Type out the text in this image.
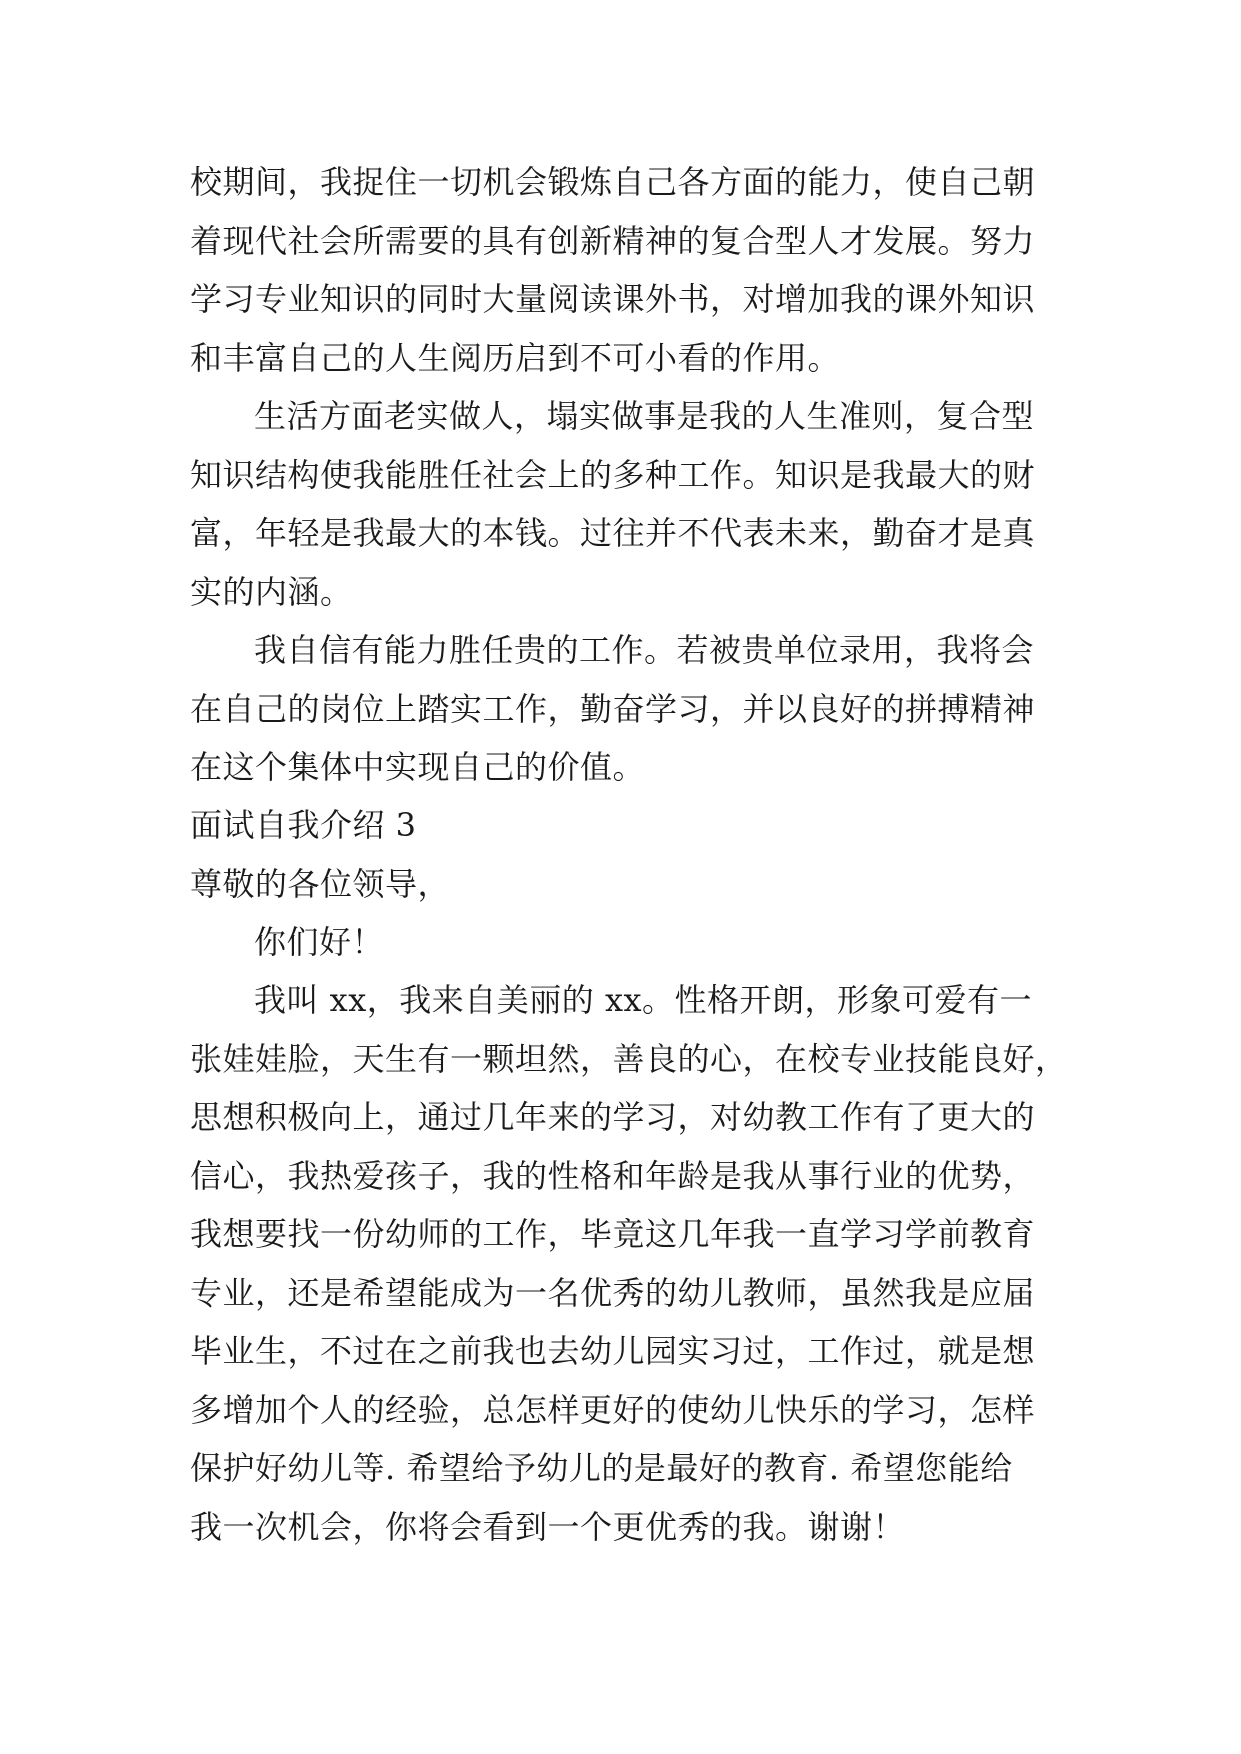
校期间，我捉住一切机会锻炼自己各方面的能力，使自己朝
着现代社会所需要的具有创新精神的复合型人才发展。努力
学习专业知识的同时大量阅读课外书，对增加我的课外知识
和丰富自己的人生阅历启到不可小看的作用。
生活方面老实做人，塌实做事是我的人生准则，复合型
知识结构使我能胜任社会上的多种工作。知识是我最大的财
富，年轻是我最大的本钱。过往并不代表未来，勤奋才是真
实的内涵。
我自信有能力胜任贵的工作。若被贵单位录用，我将会
在自己的岗位上踏实工作，勤奋学习，并以良好的拼搏精神
在这个集体中实现自己的价值。
面试自我介绍 3
尊敬的各位领导，
你们好！
我叫 xx，我来自美丽的 xx。性格开朗，形象可爱有一
张娃娃脸，天生有一颗坦然，善良的心，在校专业技能良好，
思想积极向上，通过几年来的学习，对幼教工作有了更大的
信心，我热爱孩子，我的性格和年龄是我从事行业的优势，
我想要找一份幼师的工作，毕竟这几年我一直学习学前教育
专业，还是希望能成为一名优秀的幼儿教师，虽然我是应届
毕业生，不过在之前我也去幼儿园实习过，工作过，就是想
多增加个人的经验，总怎样更好的使幼儿快乐的学习，怎样
保护好幼儿等. 希望给予幼儿的是最好的教育. 希望您能给
我一次机会，你将会看到一个更优秀的我。谢谢！
